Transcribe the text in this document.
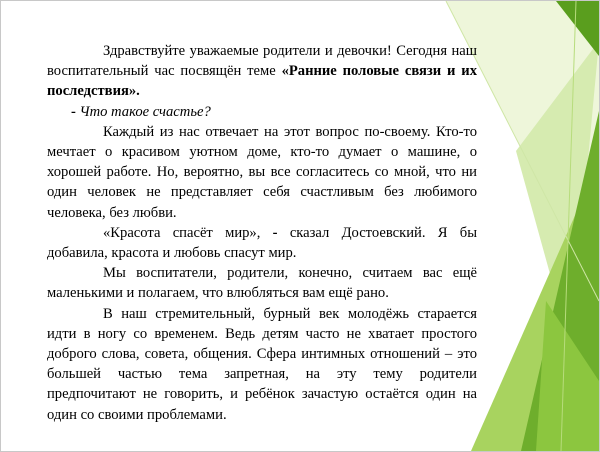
Здравствуйте уважаемые родители и девочки! Сегодня наш воспитательный час посвящён теме «Ранние половые связи и их последствия».

- Что такое счастье?

Каждый из нас отвечает на этот вопрос по-своему. Кто-то мечтает о красивом уютном доме, кто-то думает о машине, о хорошей работе. Но, вероятно, вы все согласитесь со мной, что ни один человек не представляет себя счастливым без любимого человека, без любви.

«Красота спасёт мир», - сказал Достоевский. Я бы добавила, красота и любовь спасут мир.

Мы воспитатели, родители, конечно, считаем вас ещё маленькими и полагаем, что влюбляться вам ещё рано.

В наш стремительный, бурный век молодёжь старается идти в ногу со временем. Ведь детям часто не хватает простого доброго слова, совета, общения. Сфера интимных отношений – это большей частью тема запретная, на эту тему родители предпочитают не говорить, и ребёнок зачастую остаётся один на один со своими проблемами.
